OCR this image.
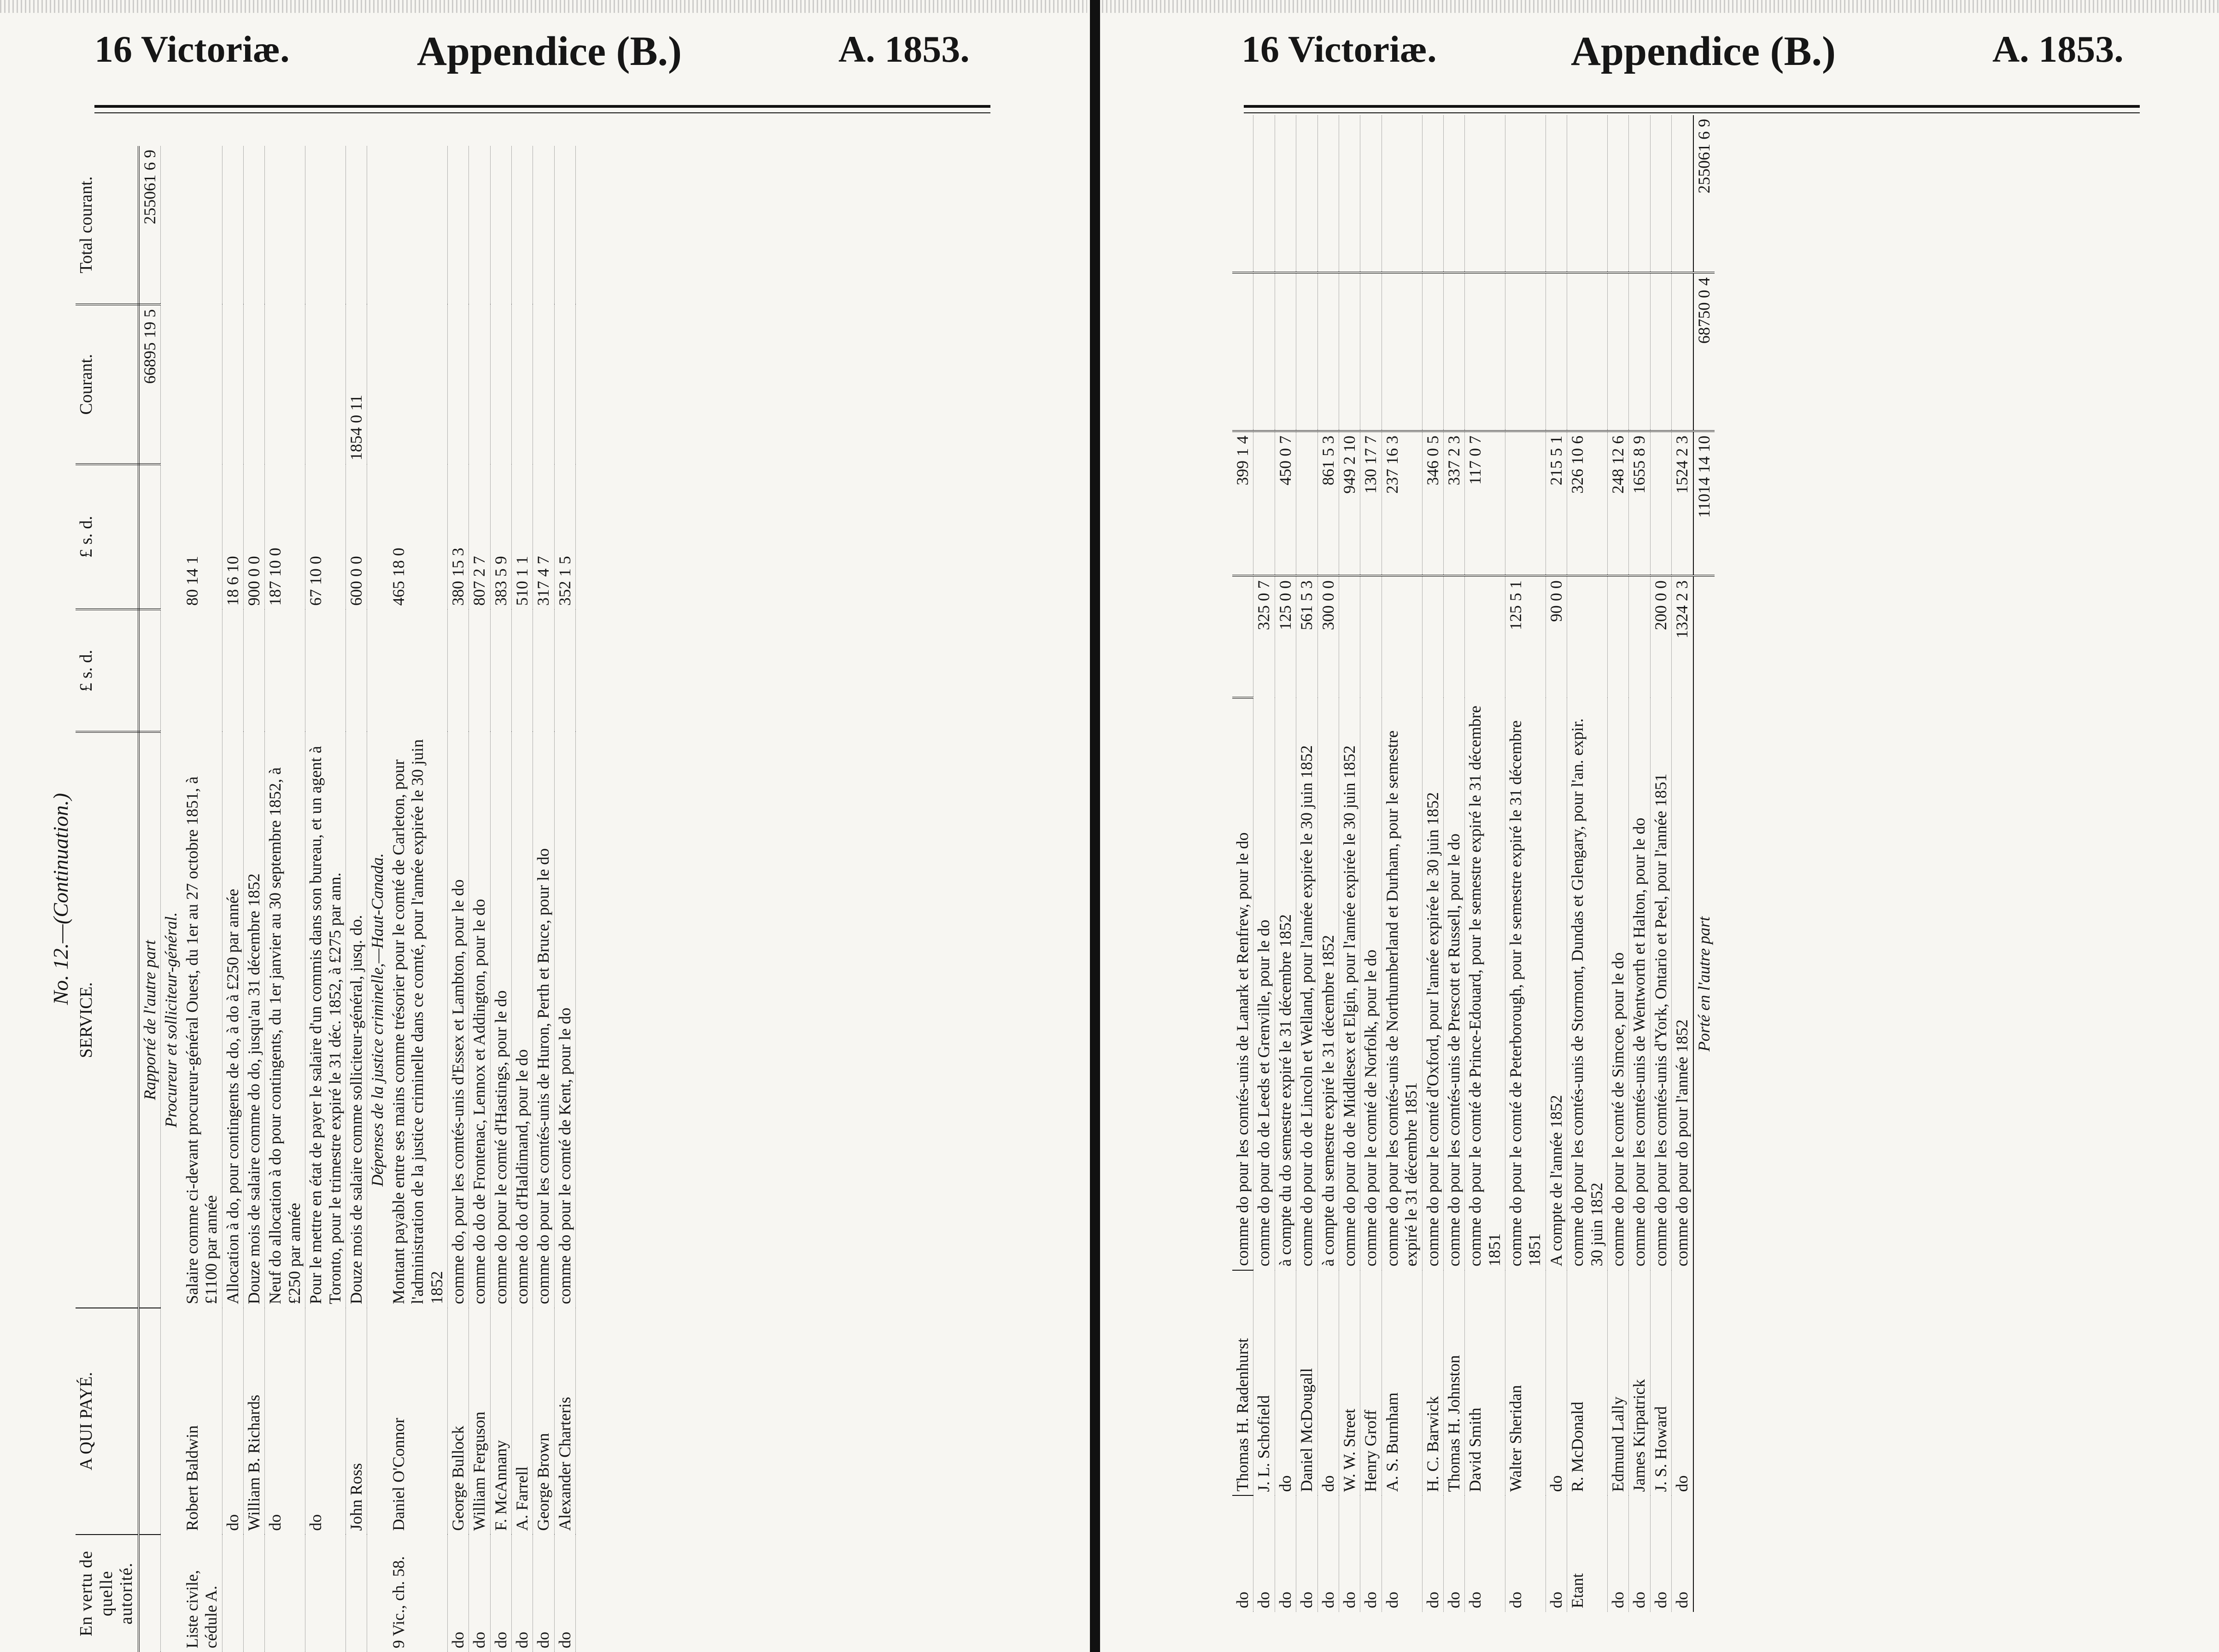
16 Victoriæ.	Appendice (B.)	A. 1853.	16 Victoriæ.	Appendice (B.)	A. 1853.
No. 12.—(Continuation.)
En vertu de quelle autorité.	A QUI PAYÉ.	SERVICE.	£ s. d.	£ s. d.	Courant.	Total courant.
		Rapporté de l'autre part			66895 19 5	255061 6 9
		Procureur et solliciteur-général.				
Liste civile, cédule A.	Robert Baldwin	Salaire comme ci-devant procureur-général Ouest, du 1er au 27 octobre 1851, à £1100 par année		80 14 1		
	do	Allocation à do, pour contingents de do, à do à £250 par année		18 6 10		
	William B. Richards	Douze mois de salaire comme do do, jusqu'au 31 décembre 1852		900 0 0		
	do	Neuf do allocation à do pour contingents, du 1er janvier au 30 septembre 1852, à £250 par année		187 10 0		
	do	Pour le mettre en état de payer le salaire d'un commis dans son bureau, et un agent à Toronto, pour le trimestre expiré le 31 déc. 1852, à £275 par ann.		67 10 0		
	John Ross	Douze mois de salaire comme solliciteur-général, jusq. do.		600 0 0	1854 0 11	
		Dépenses de la justice criminelle,—Haut-Canada.				
9 Vic., ch. 58.	Daniel O'Connor	Montant payable entre ses mains comme trésorier pour le comté de Carleton, pour l'administration de la justice criminelle dans ce comté, pour l'année expirée le 30 juin 1852		465 18 0		
do	George Bullock	comme do, pour les comtés-unis d'Essex et Lambton, pour le do		380 15 3		
do	William Ferguson	comme do do de Frontenac, Lennox et Addington, pour le do		807 2 7		
do	F. McAnnany	comme do pour le comté d'Hastings, pour le do		383 5 9		
do	A. Farrell	comme do do d'Haldimand, pour le do		510 1 1		
do	George Brown	comme do pour les comtés-unis de Huron, Perth et Bruce, pour le do		317 4 7		
do	Alexander Charteris	comme do pour le comté de Kent, pour le do		352 1 5		
do	Thomas H. Radenhurst	comme do pour les comtés-unis de Lanark et Renfrew, pour le do		399 1 4		
do	J. L. Schofield	comme do pour do de Leeds et Grenville, pour le do	325 0 7			
do	do	à compte du do semestre expiré le 31 décembre 1852	125 0 0	450 0 7		
do	Daniel McDougall	comme do pour do de Lincoln et Welland, pour l'année expirée le 30 juin 1852	561 5 3			
do	do	à compte du semestre expiré le 31 décembre 1852	300 0 0	861 5 3		
do	W. W. Street	comme do pour do de Middlesex et Elgin, pour l'année expirée le 30 juin 1852		949 2 10		
do	Henry Groff	comme do pour le comté de Norfolk, pour le do		130 17 7		
do	A. S. Burnham	comme do pour les comtés-unis de Northumberland et Durham, pour le semestre expiré le 31 décembre 1851		237 16 3		
do	H. C. Barwick	comme do pour le comté d'Oxford, pour l'année expirée le 30 juin 1852		346 0 5		
do	Thomas H. Johnston	comme do pour les comtés-unis de Prescott et Russell, pour le do		337 2 3		
do	David Smith	comme do pour le comté de Prince-Edouard, pour le semestre expiré le 31 décembre 1851		117 0 7		
do	Walter Sheridan	comme do pour le comté de Peterborough, pour le semestre expiré le 31 décembre 1851	125 5 1			
do	do	A compte de l'année 1852	90 0 0	215 5 1		
Etant	R. McDonald	comme do pour les comtés-unis de Stormont, Dundas et Glengary, pour l'an. expir. 30 juin 1852		326 10 6		
do	Edmund Lally	comme do pour le comté de Simcoe, pour le do		248 12 6		
do	James Kirpatrick	comme do pour les comtés-unis de Wentworth et Halton, pour le do		1655 8 9		
do	J. S. Howard	comme do pour les comtés-unis d'York, Ontario et Peel, pour l'année 1851	200 0 0			
do	do	comme do pour do pour l'année 1852	1324 2 3	1524 2 3		
		Porté en l'autre part		11014 14 10	68750 0 4	255061 6 9
